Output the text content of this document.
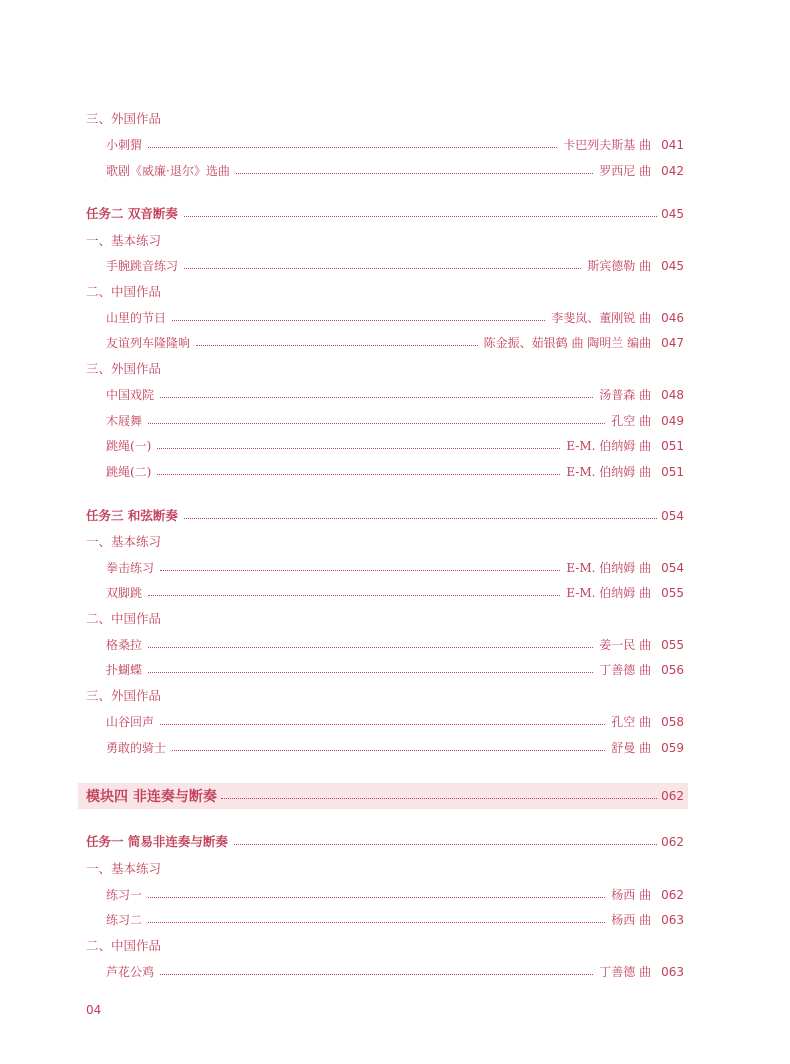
三、外国作品
小刺猬	卡巴列夫斯基 曲 041
歌剧《威廉·退尔》选曲	罗西尼 曲 042
任务二 双音断奏	045
一、基本练习
手腕跳音练习	斯宾德勒 曲 045
二、中国作品
山里的节日	李斐岚、董刚锐 曲 046
友谊列车隆隆响	陈金振、茹银鹤 曲 陶明兰 编曲 047
三、外国作品
中国戏院	汤普森 曲 048
木屐舞	孔空 曲 049
跳绳(一)	E-M. 伯纳姆 曲 051
跳绳(二)	E-M. 伯纳姆 曲 051
任务三 和弦断奏	054
一、基本练习
拳击练习	E-M. 伯纳姆 曲 054
双脚跳	E-M. 伯纳姆 曲 055
二、中国作品
格桑拉	姜一民 曲 055
扑蝴蝶	丁善德 曲 056
三、外国作品
山谷回声	孔空 曲 058
勇敢的骑士	舒曼 曲 059
模块四 非连奏与断奏	062
任务一 简易非连奏与断奏	062
一、基本练习
练习一	杨西 曲 062
练习二	杨西 曲 063
二、中国作品
芦花公鸡	丁善德 曲 063
04
